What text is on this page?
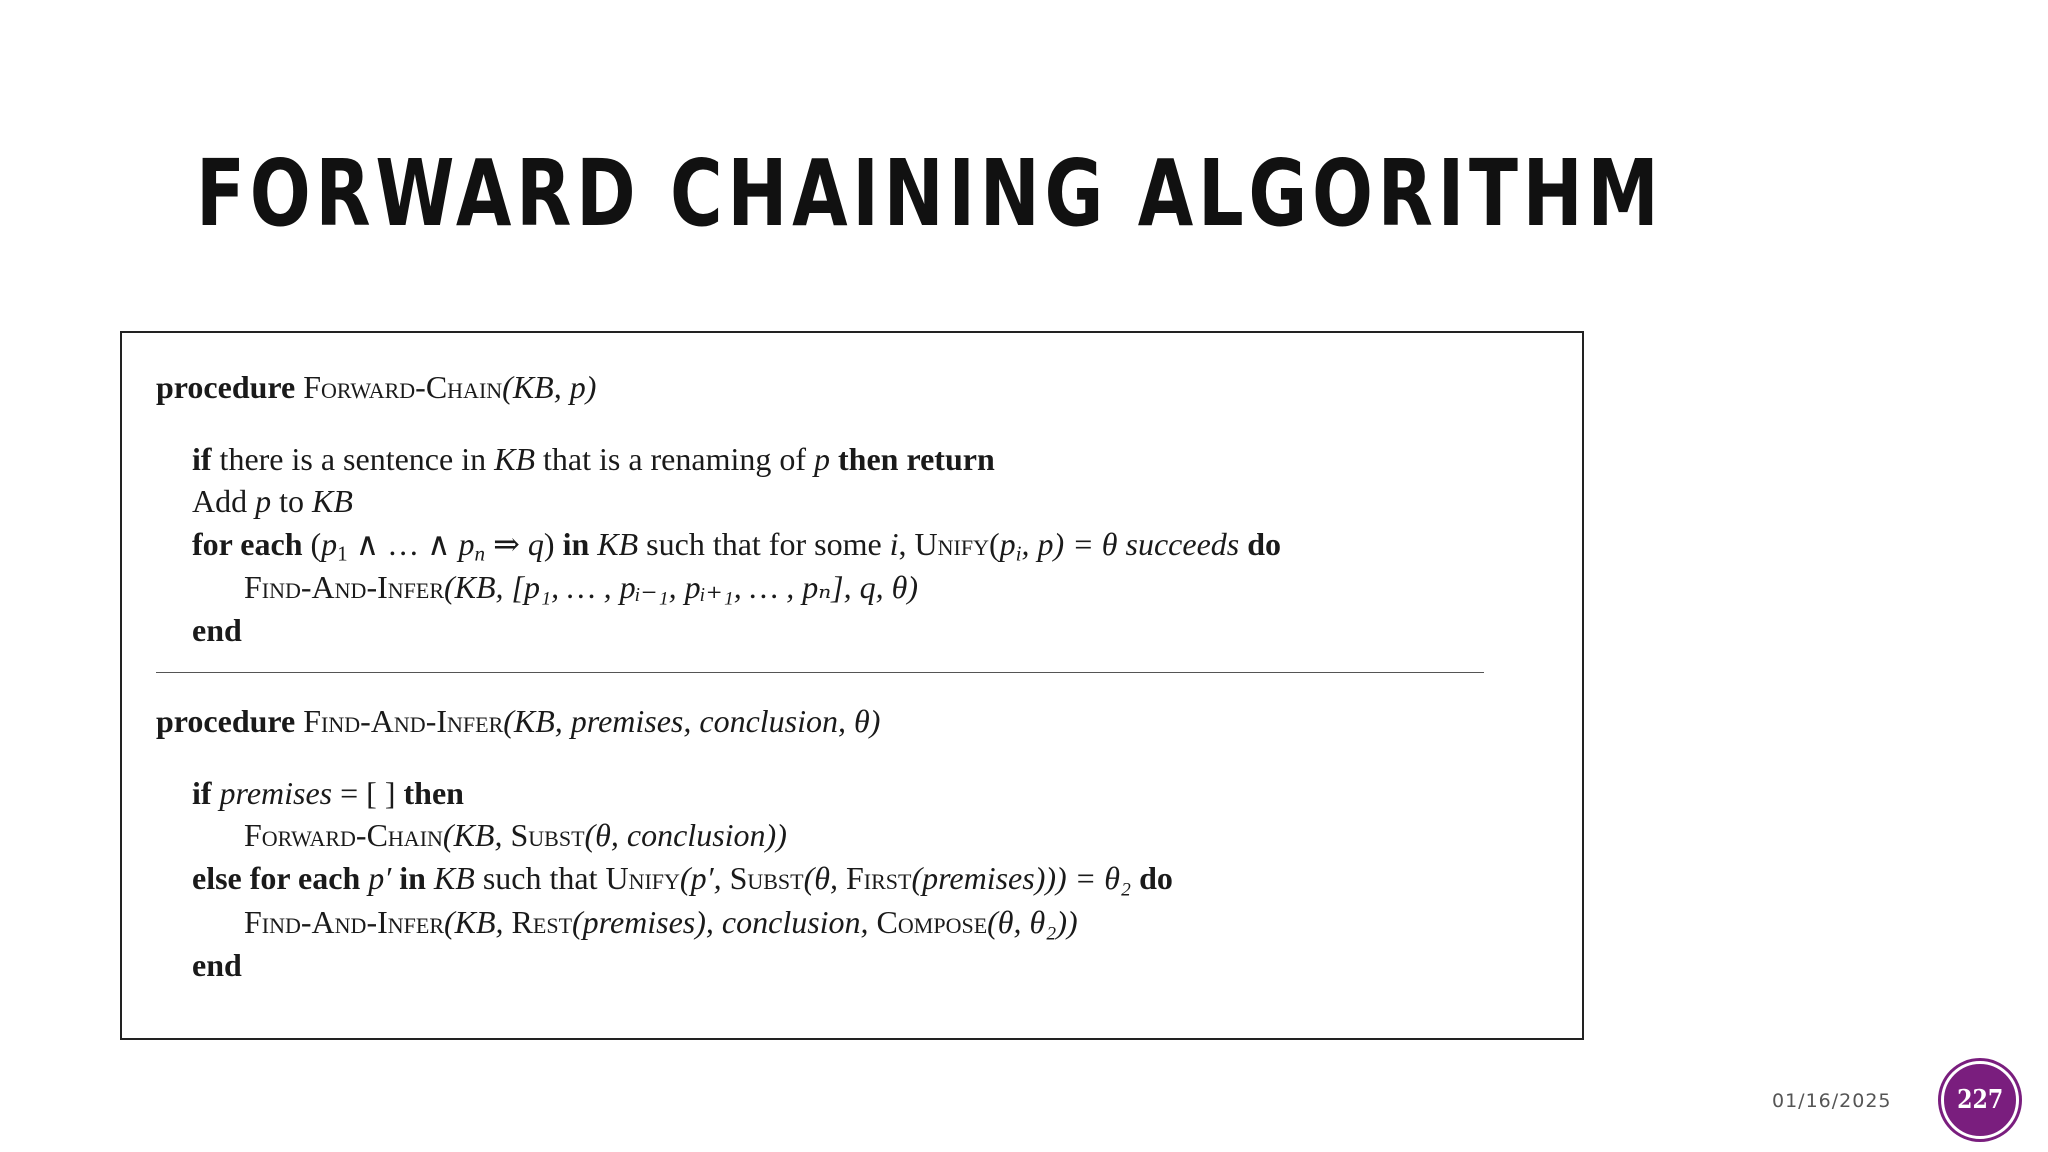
FORWARD CHAINING ALGORITHM
procedure Forward-Chain(KB, p)
if there is a sentence in KB that is a renaming of p then return
Add p to KB
for each ($p_1$ ∧ … ∧ $p_n$ ⇒ q) in KB such that for some i, $Unify(p_i$, p) = θ succeeds do
Find-And-Infer(KB, [p₁, … , pᵢ₋₁, pᵢ₊₁, … , pₙ], q, θ)
end
procedure Find-And-Infer(KB, premises, conclusion, θ)
if premises = [ ] then
Forward-Chain(KB, Subst(θ, conclusion))
else for each p′ in KB such that Unify(p′, Subst(θ, First(premises))) = θ₂ do
Find-And-Infer(KB, Rest(premises), conclusion, Compose(θ, θ₂))
end
01/16/2025	227
